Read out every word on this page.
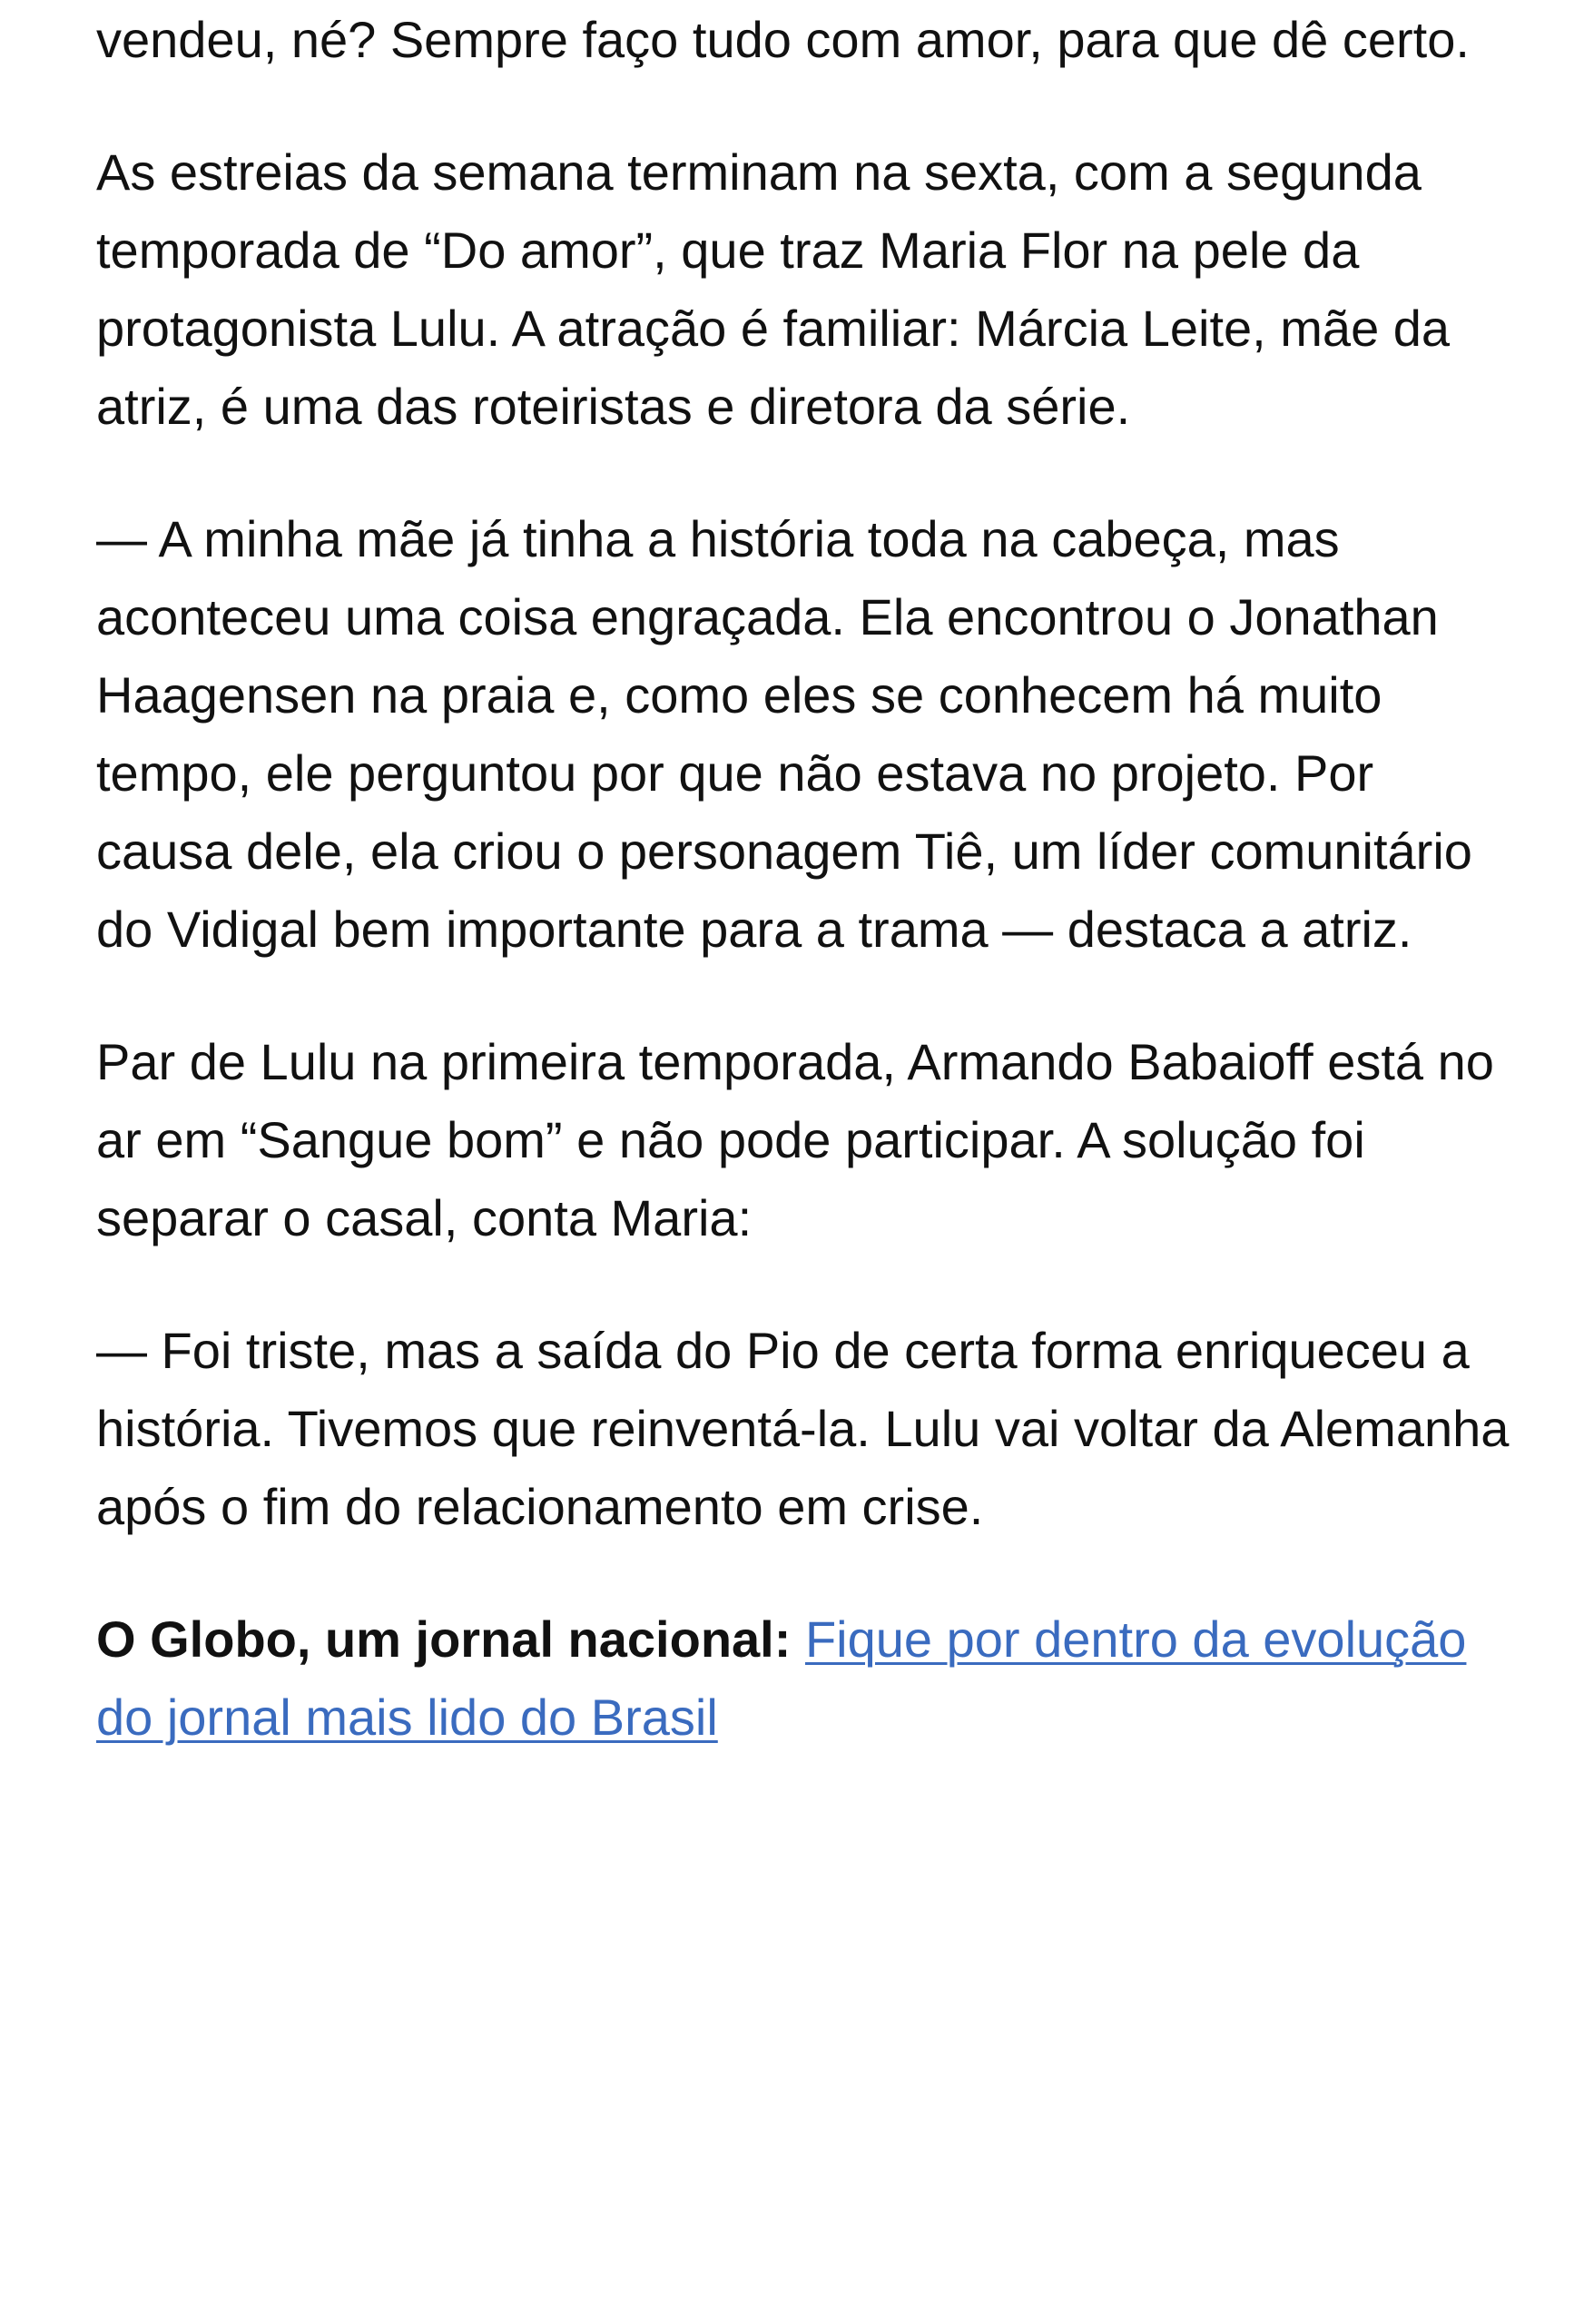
vendeu, né? Sempre faço tudo com amor, para que dê certo.

As estreias da semana terminam na sexta, com a segunda temporada de “Do amor”, que traz Maria Flor na pele da protagonista Lulu. A atração é familiar: Márcia Leite, mãe da atriz, é uma das roteiristas e diretora da série.

— A minha mãe já tinha a história toda na cabeça, mas aconteceu uma coisa engraçada. Ela encontrou o Jonathan Haagensen na praia e, como eles se conhecem há muito tempo, ele perguntou por que não estava no projeto. Por causa dele, ela criou o personagem Tiê, um líder comunitário do Vidigal bem importante para a trama — destaca a atriz.

Par de Lulu na primeira temporada, Armando Babaioff está no ar em “Sangue bom” e não pode participar. A solução foi separar o casal, conta Maria:

— Foi triste, mas a saída do Pio de certa forma enriqueceu a história. Tivemos que reinventá-la. Lulu vai voltar da Alemanha após o fim do relacionamento em crise.

O Globo, um jornal nacional: Fique por dentro da evolução do jornal mais lido do Brasil
